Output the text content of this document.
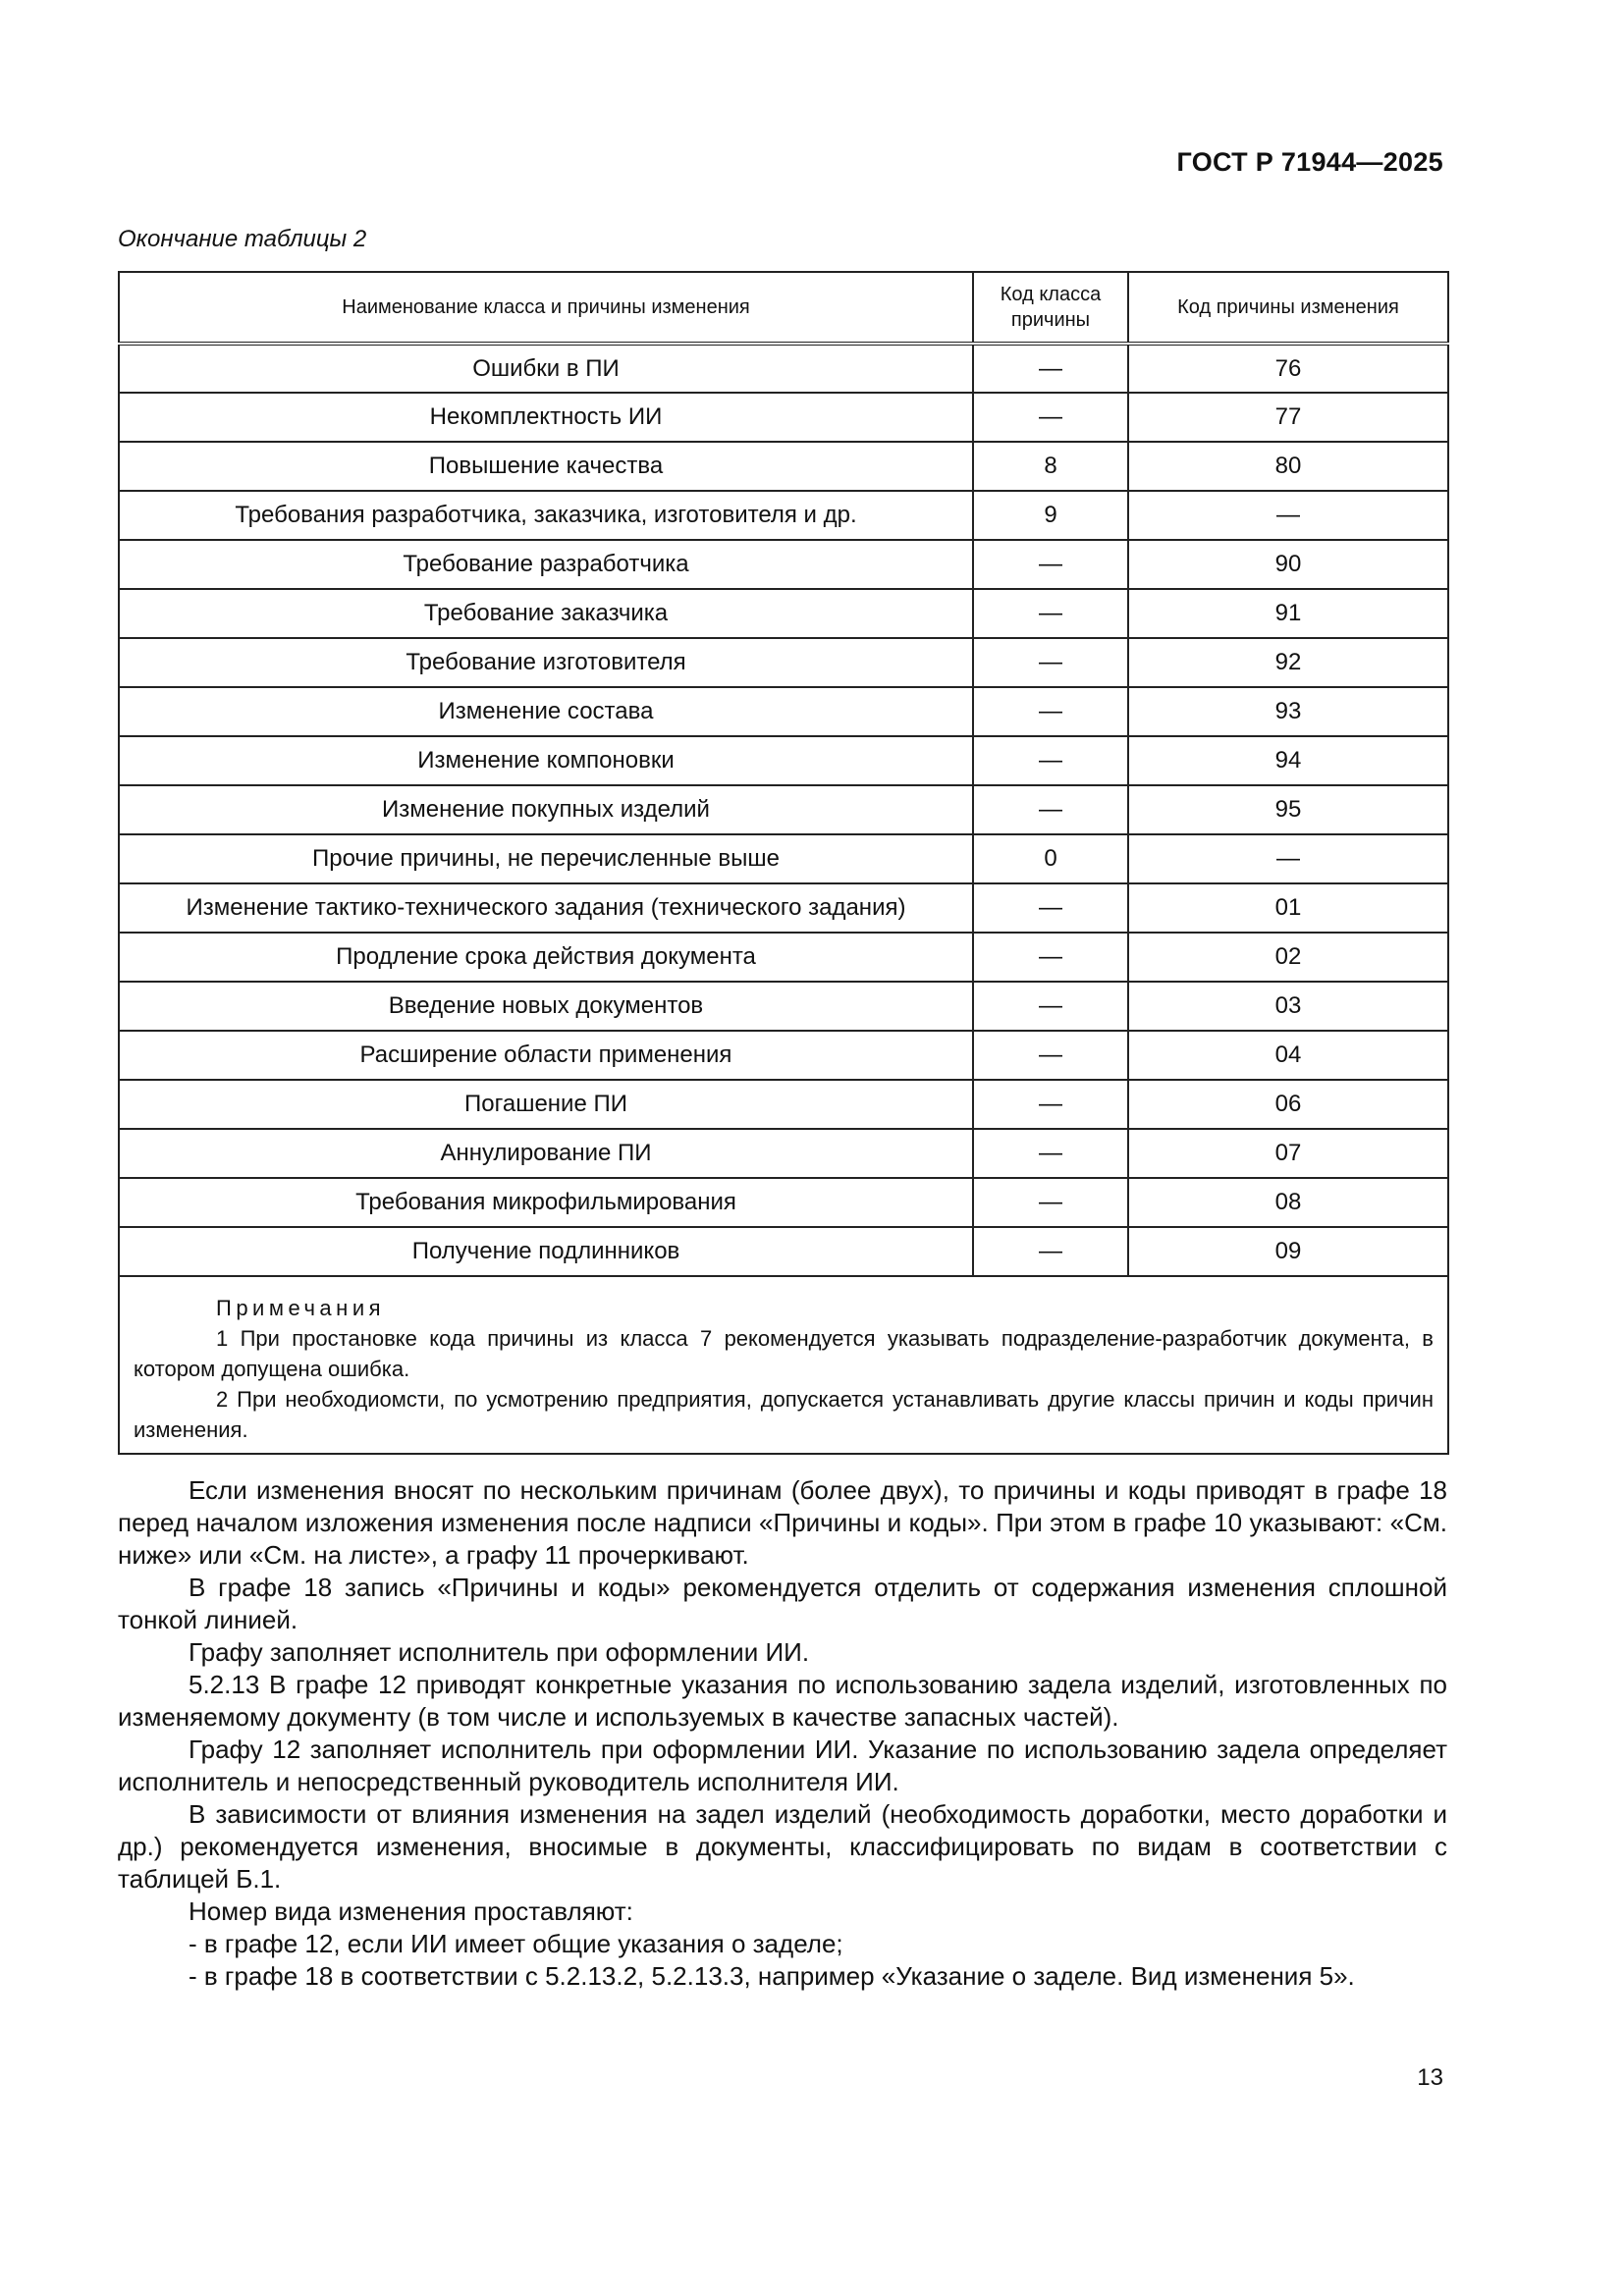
ГОСТ Р 71944—2025
Окончание таблицы 2
Наименование класса и причины изменения	Код класса причины	Код причины изменения
Ошибки в ПИ	—	76
Некомплектность ИИ	—	77
Повышение качества	8	80
Требования разработчика, заказчика, изготовителя и др.	9	—
Требование разработчика	—	90
Требование заказчика	—	91
Требование изготовителя	—	92
Изменение состава	—	93
Изменение компоновки	—	94
Изменение покупных изделий	—	95
Прочие причины, не перечисленные выше	0	—
Изменение тактико-технического задания (технического задания)	—	01
Продление срока действия документа	—	02
Введение новых документов	—	03
Расширение области применения	—	04
Погашение ПИ	—	06
Аннулирование ПИ	—	07
Требования микрофильмирования	—	08
Получение подлинников	—	09

Примечания
1 При простановке кода причины из класса 7 рекомендуется указывать подразделение-разработчик документа, в котором допущена ошибка.
2 При необходиомсти, по усмотрению предприятия, допускается устанавливать другие классы причин и коды причин изменения.		

Если изменения вносят по нескольким причинам (более двух), то причины и коды приводят в графе 18 перед началом изложения изменения после надписи «Причины и коды». При этом в графе 10 указывают: «См. ниже» или «См. на листе», а графу 11 прочеркивают.

В графе 18 запись «Причины и коды» рекомендуется отделить от содержания изменения сплошной тонкой линией.

Графу заполняет исполнитель при оформлении ИИ.

5.2.13 В графе 12 приводят конкретные указания по использованию задела изделий, изготовленных по изменяемому документу (в том числе и используемых в качестве запасных частей).

Графу 12 заполняет исполнитель при оформлении ИИ. Указание по использованию задела определяет исполнитель и непосредственный руководитель исполнителя ИИ.

В зависимости от влияния изменения на задел изделий (необходимость доработки, место доработки и др.) рекомендуется изменения, вносимые в документы, классифицировать по видам в соответствии с таблицей Б.1.

Номер вида изменения проставляют:

- в графе 12, если ИИ имеет общие указания о заделе;

- в графе 18 в соответствии с 5.2.13.2, 5.2.13.3, например «Указание о заделе. Вид изменения 5».

13
